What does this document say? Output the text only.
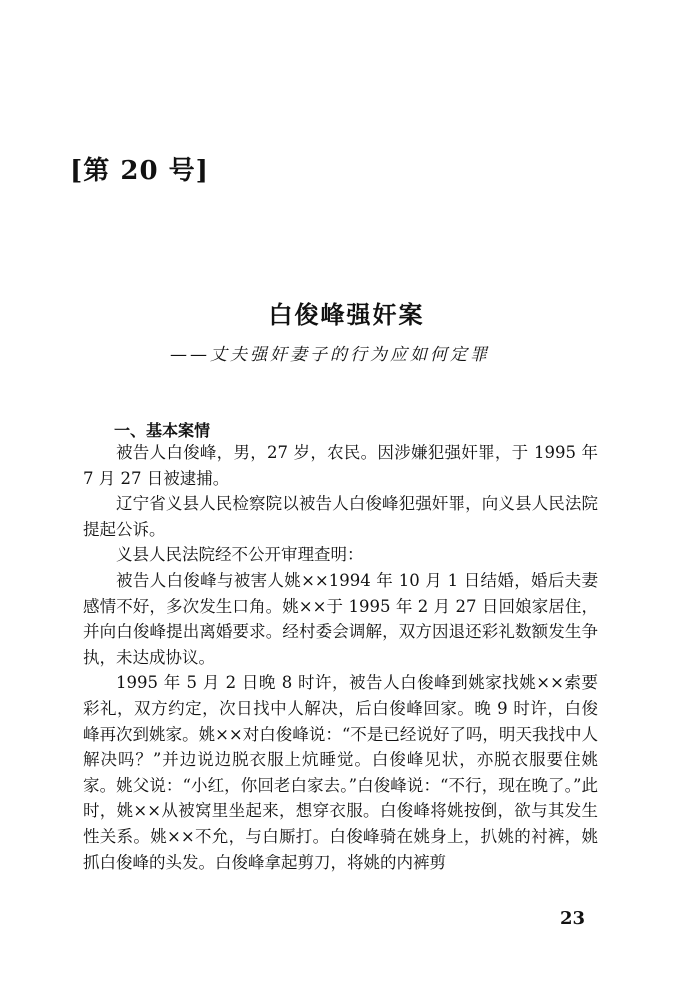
[第 20 号]
白俊峰强奸案
——丈夫强奸妻子的行为应如何定罪
一、基本案情

被告人白俊峰，男，27 岁，农民。因涉嫌犯强奸罪，于 1995 年 7 月 27 日被逮捕。

辽宁省义县人民检察院以被告人白俊峰犯强奸罪，向义县人民法院提起公诉。

义县人民法院经不公开审理查明：

被告人白俊峰与被害人姚××1994 年 10 月 1 日结婚，婚后夫妻感情不好，多次发生口角。姚××于 1995 年 2 月 27 日回娘家居住，并向白俊峰提出离婚要求。经村委会调解，双方因退还彩礼数额发生争执，未达成协议。

1995 年 5 月 2 日晚 8 时许，被告人白俊峰到姚家找姚××索要彩礼，双方约定，次日找中人解决，后白俊峰回家。晚 9 时许，白俊峰再次到姚家。姚××对白俊峰说：“不是已经说好了吗，明天我找中人解决吗？”并边说边脱衣服上炕睡觉。白俊峰见状，亦脱衣服要住姚家。姚父说：“小红，你回老白家去。”白俊峰说：“不行，现在晚了。”此时，姚××从被窝里坐起来，想穿衣服。白俊峰将姚按倒，欲与其发生性关系。姚××不允，与白厮打。白俊峰骑在姚身上，扒姚的衬裤，姚抓白俊峰的头发。白俊峰拿起剪刀，将姚的内裤剪

23
